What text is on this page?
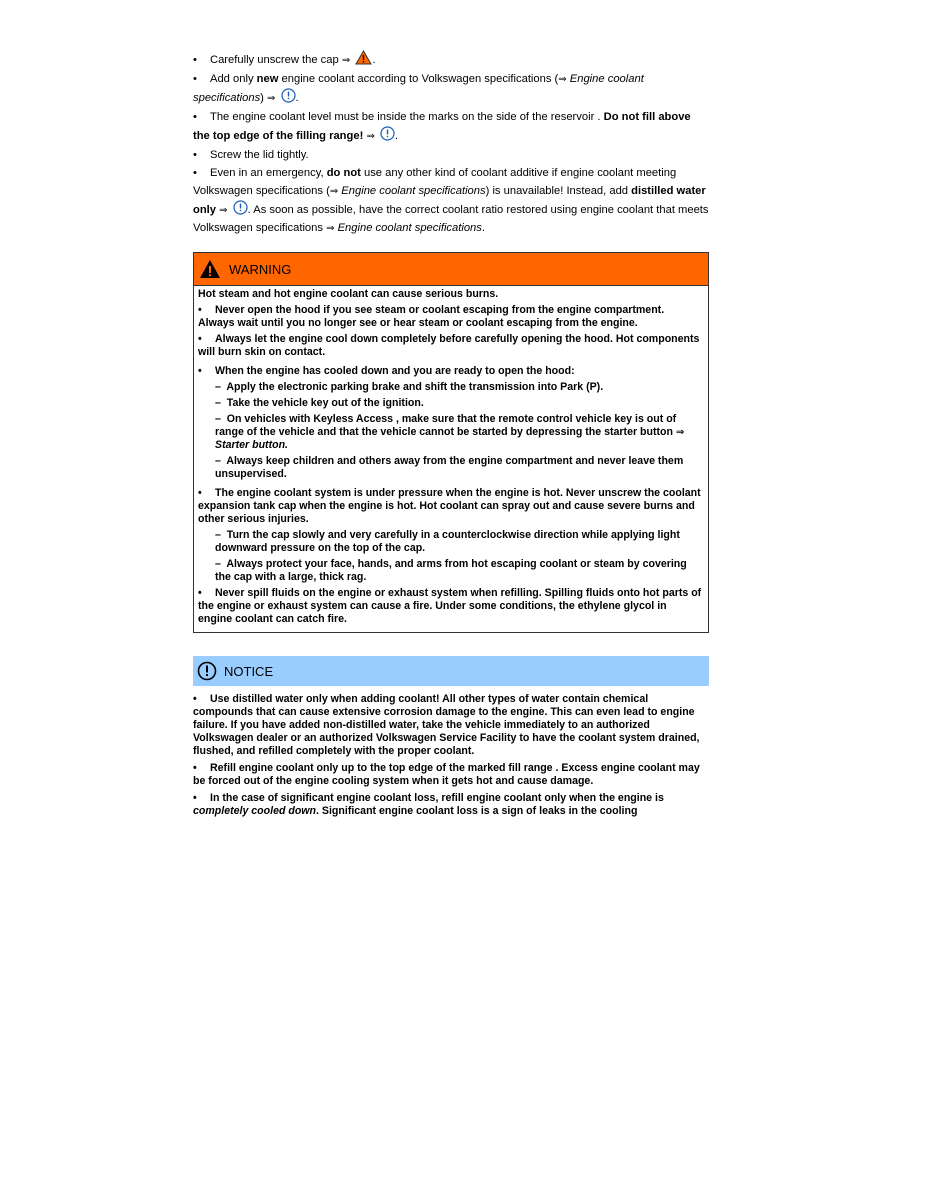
• Carefully unscrew the cap ⇒ .

• Add only new engine coolant according to Volkswagen specifications (⇒ Engine coolant specifications) ⇒ .

• The engine coolant level must be inside the marks on the side of the reservoir . Do not fill above the top edge of the filling range! ⇒ .

• Screw the lid tightly.

• Even in an emergency, do not use any other kind of coolant additive if engine coolant meeting Volkswagen specifications (⇒ Engine coolant specifications) is unavailable! Instead, add distilled water only ⇒ . As soon as possible, have the correct coolant ratio restored using engine coolant that meets Volkswagen specifications ⇒ Engine coolant specifications.

WARNING

Hot steam and hot engine coolant can cause serious burns.

• Never open the hood if you see steam or coolant escaping from the engine compartment. Always wait until you no longer see or hear steam or coolant escaping from the engine.

• Always let the engine cool down completely before carefully opening the hood. Hot components will burn skin on contact.

• When the engine has cooled down and you are ready to open the hood:

–  Apply the electronic parking brake and shift the transmission into Park (P).

–  Take the vehicle key out of the ignition.

–  On vehicles with Keyless Access , make sure that the remote control vehicle key is out of range of the vehicle and that the vehicle cannot be started by depressing the starter button ⇒ Starter button.

–  Always keep children and others away from the engine compartment and never leave them unsupervised.

• The engine coolant system is under pressure when the engine is hot. Never unscrew the coolant expansion tank cap when the engine is hot. Hot coolant can spray out and cause severe burns and other serious injuries.

–  Turn the cap slowly and very carefully in a counterclockwise direction while applying light downward pressure on the top of the cap.

–  Always protect your face, hands, and arms from hot escaping coolant or steam by covering the cap with a large, thick rag.

• Never spill fluids on the engine or exhaust system when refilling. Spilling fluids onto hot parts of the engine or exhaust system can cause a fire. Under some conditions, the ethylene glycol in engine coolant can catch fire.

NOTICE

• Use distilled water only when adding coolant! All other types of water contain chemical compounds that can cause extensive corrosion damage to the engine. This can even lead to engine failure. If you have added non-distilled water, take the vehicle immediately to an authorized Volkswagen dealer or an authorized Volkswagen Service Facility to have the coolant system drained, flushed, and refilled completely with the proper coolant.

• Refill engine coolant only up to the top edge of the marked fill range . Excess engine coolant may be forced out of the engine cooling system when it gets hot and cause damage.

• In the case of significant engine coolant loss, refill engine coolant only when the engine is completely cooled down. Significant engine coolant loss is a sign of leaks in the cooling
